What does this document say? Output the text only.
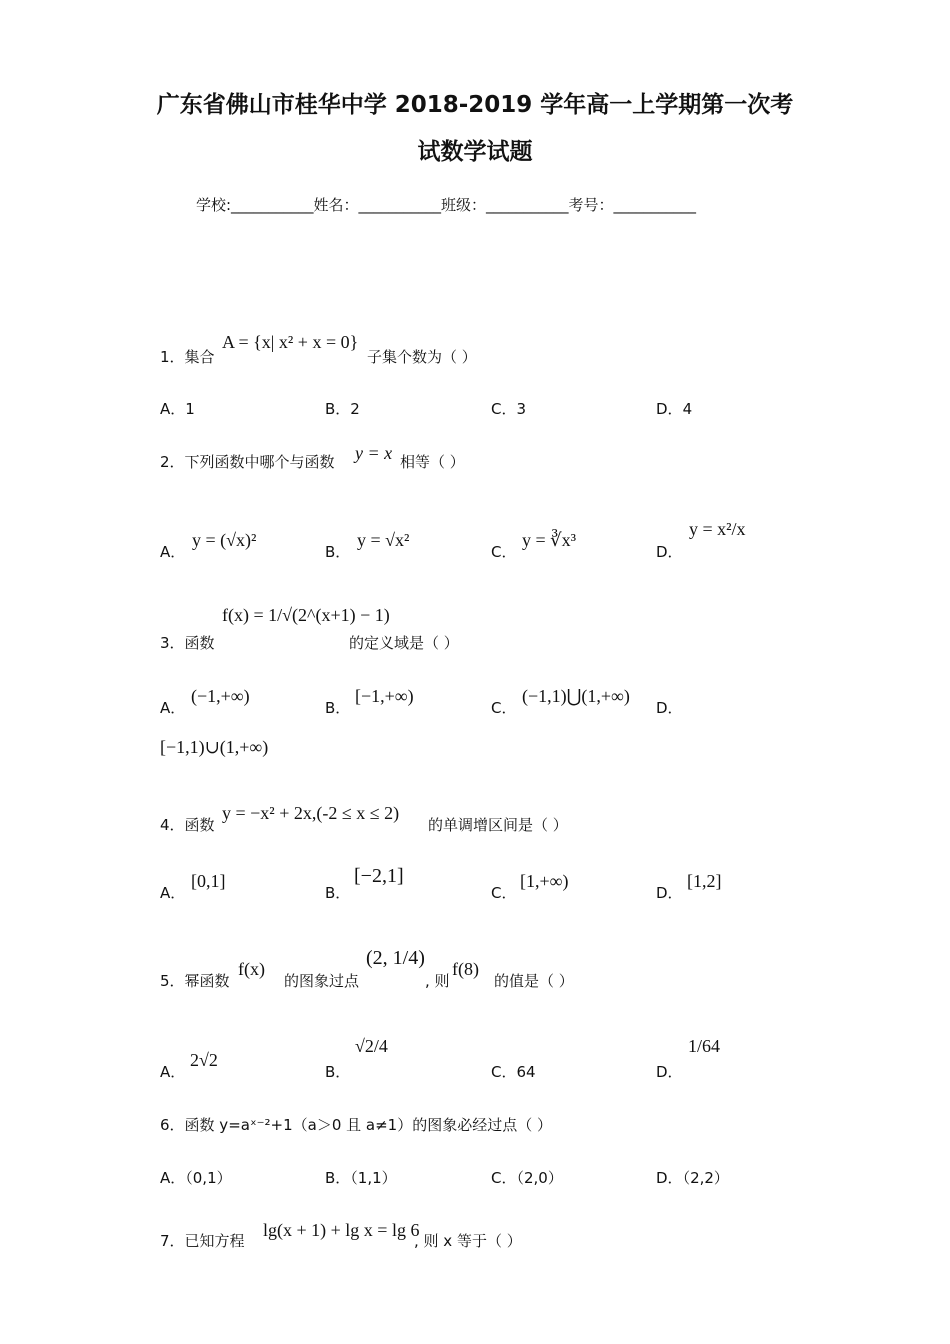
广东省佛山市桂华中学 2018-2019 学年高一上学期第一次考
试数学试题
学校:___________姓名：___________班级：___________考号：___________
1．集合
A = {x| x² + x = 0}
子集个数为（ ）
A．1	B．2	C．3	D．4
2．下列函数中哪个与函数 y = x 相等（ ）
A．
y = (√x)²
B．
y = √x²
C．
y = ∛x³
D．
y = x²/x
3．函数
f(x) = 1/√(2^(x+1) − 1)
的定义域是（ ）
A．
(−1,+∞)
B．
[−1,+∞)
C．
(−1,1)⋃(1,+∞)
D．
[−1,1)∪(1,+∞)
4．函数
y = −x² + 2x,(-2 ≤ x ≤ 2)
的单调增区间是（ ）
A．
[0,1]
B．
[−2,1]
C．
[1,+∞)
D．
[1,2]
5．幂函数
f(x)
的图象过点
(2, 1/4)
, 则
f(8)
的值是（ ）
A．
2√2
B．
√2/4
C．64	D．
1/64
6．函数 y=aˣ⁻²+1（a＞0 且 a≠1）的图象必经过点（ ）
A．（0,1）	B．（1,1）	C．（2,0）	D．（2,2）
7．已知方程
lg(x + 1) + lg x = lg 6
, 则 x 等于（ ）
